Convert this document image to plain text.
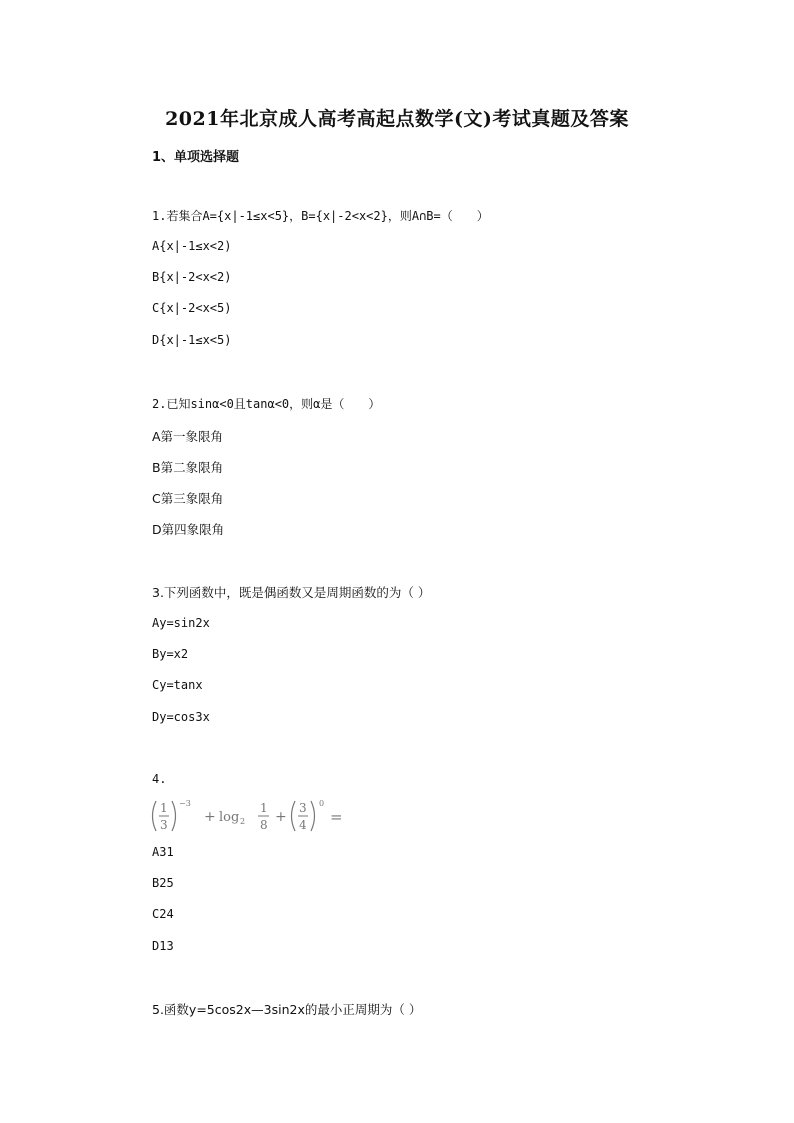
2021年北京成人高考高起点数学(文)考试真题及答案
1、单项选择题
1.若集合A={x|-1≤x<5}，B={x|-2<x<2}，则A∩B=（　　）
A{x|-1≤x<2)
B{x|-2<x<2)
C{x|-2<x<5)
D{x|-1≤x<5)
2.已知sinα<0且tanα<0，则α是（　　）
A第一象限角
B第二象限角
C第三象限角
D第四象限角
3.下列函数中，既是偶函数又是周期函数的为（ ）
Ay=sin2x
By=x2
Cy=tanx
Dy=cos3x
4.
1
3
−3
+ log 2
1
8 +
3
4
0
=
A31
B25
C24
D13
5.函数y=5cos2x—3sin2x的最小正周期为（ ）
